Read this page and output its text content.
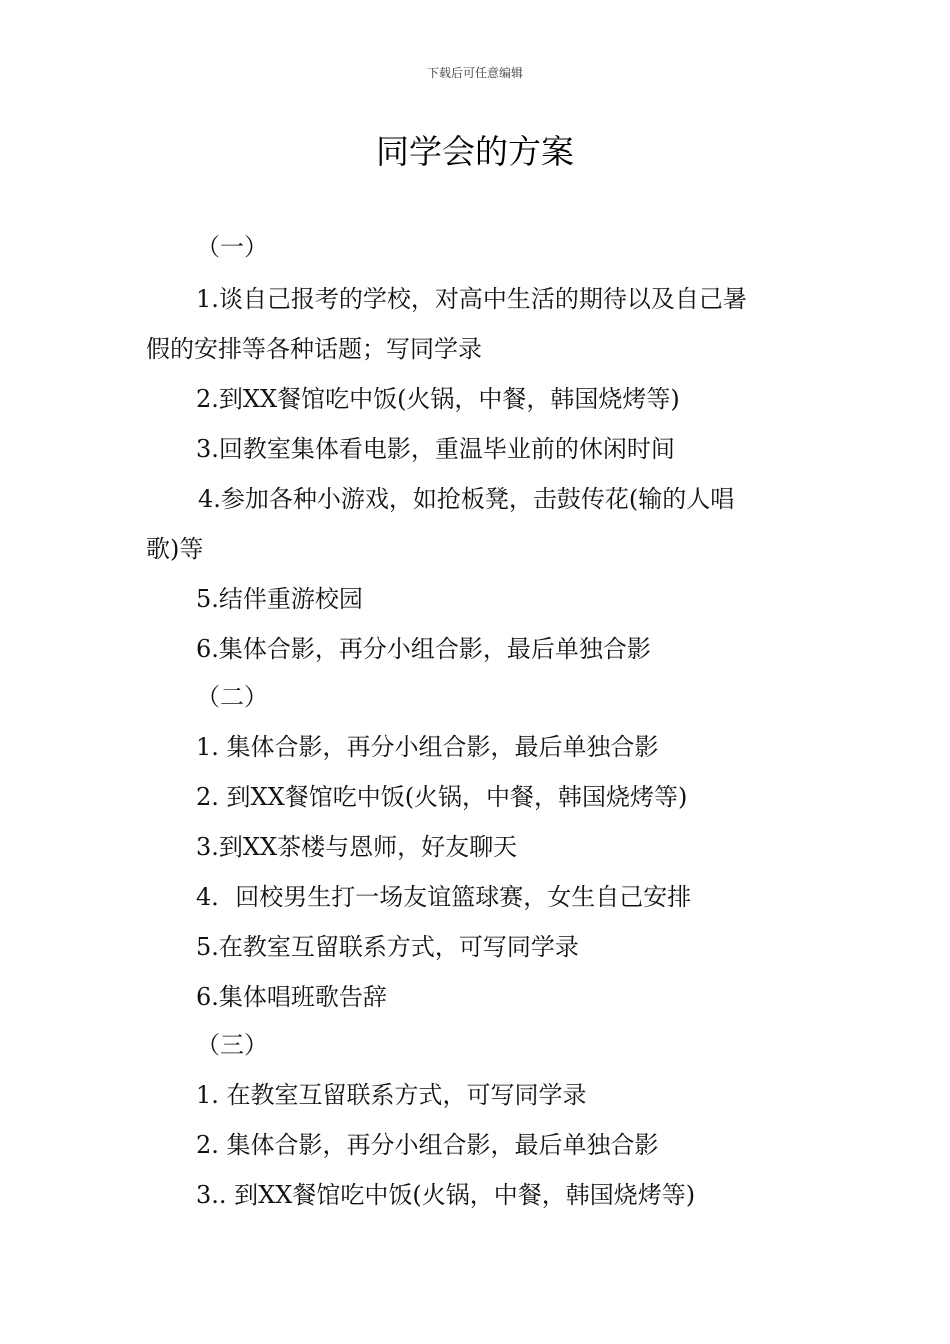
下载后可任意编辑
同学会的方案
（一）
1.谈自己报考的学校，对高中生活的期待以及自己暑
假的安排等各种话题；写同学录
2.到XX餐馆吃中饭(火锅，中餐，韩国烧烤等)
3.回教室集体看电影，重温毕业前的休闲时间
4.参加各种小游戏，如抢板凳，击鼓传花(输的人唱
歌)等
5.结伴重游校园
6.集体合影，再分小组合影，最后单独合影
（二）
1. 集体合影，再分小组合影，最后单独合影
2. 到XX餐馆吃中饭(火锅，中餐，韩国烧烤等)
3.到XX茶楼与恩师，好友聊天
4．回校男生打一场友谊篮球赛，女生自己安排
5.在教室互留联系方式，可写同学录
6.集体唱班歌告辞
（三）
1. 在教室互留联系方式，可写同学录
2. 集体合影，再分小组合影，最后单独合影
3.. 到XX餐馆吃中饭(火锅，中餐，韩国烧烤等)
